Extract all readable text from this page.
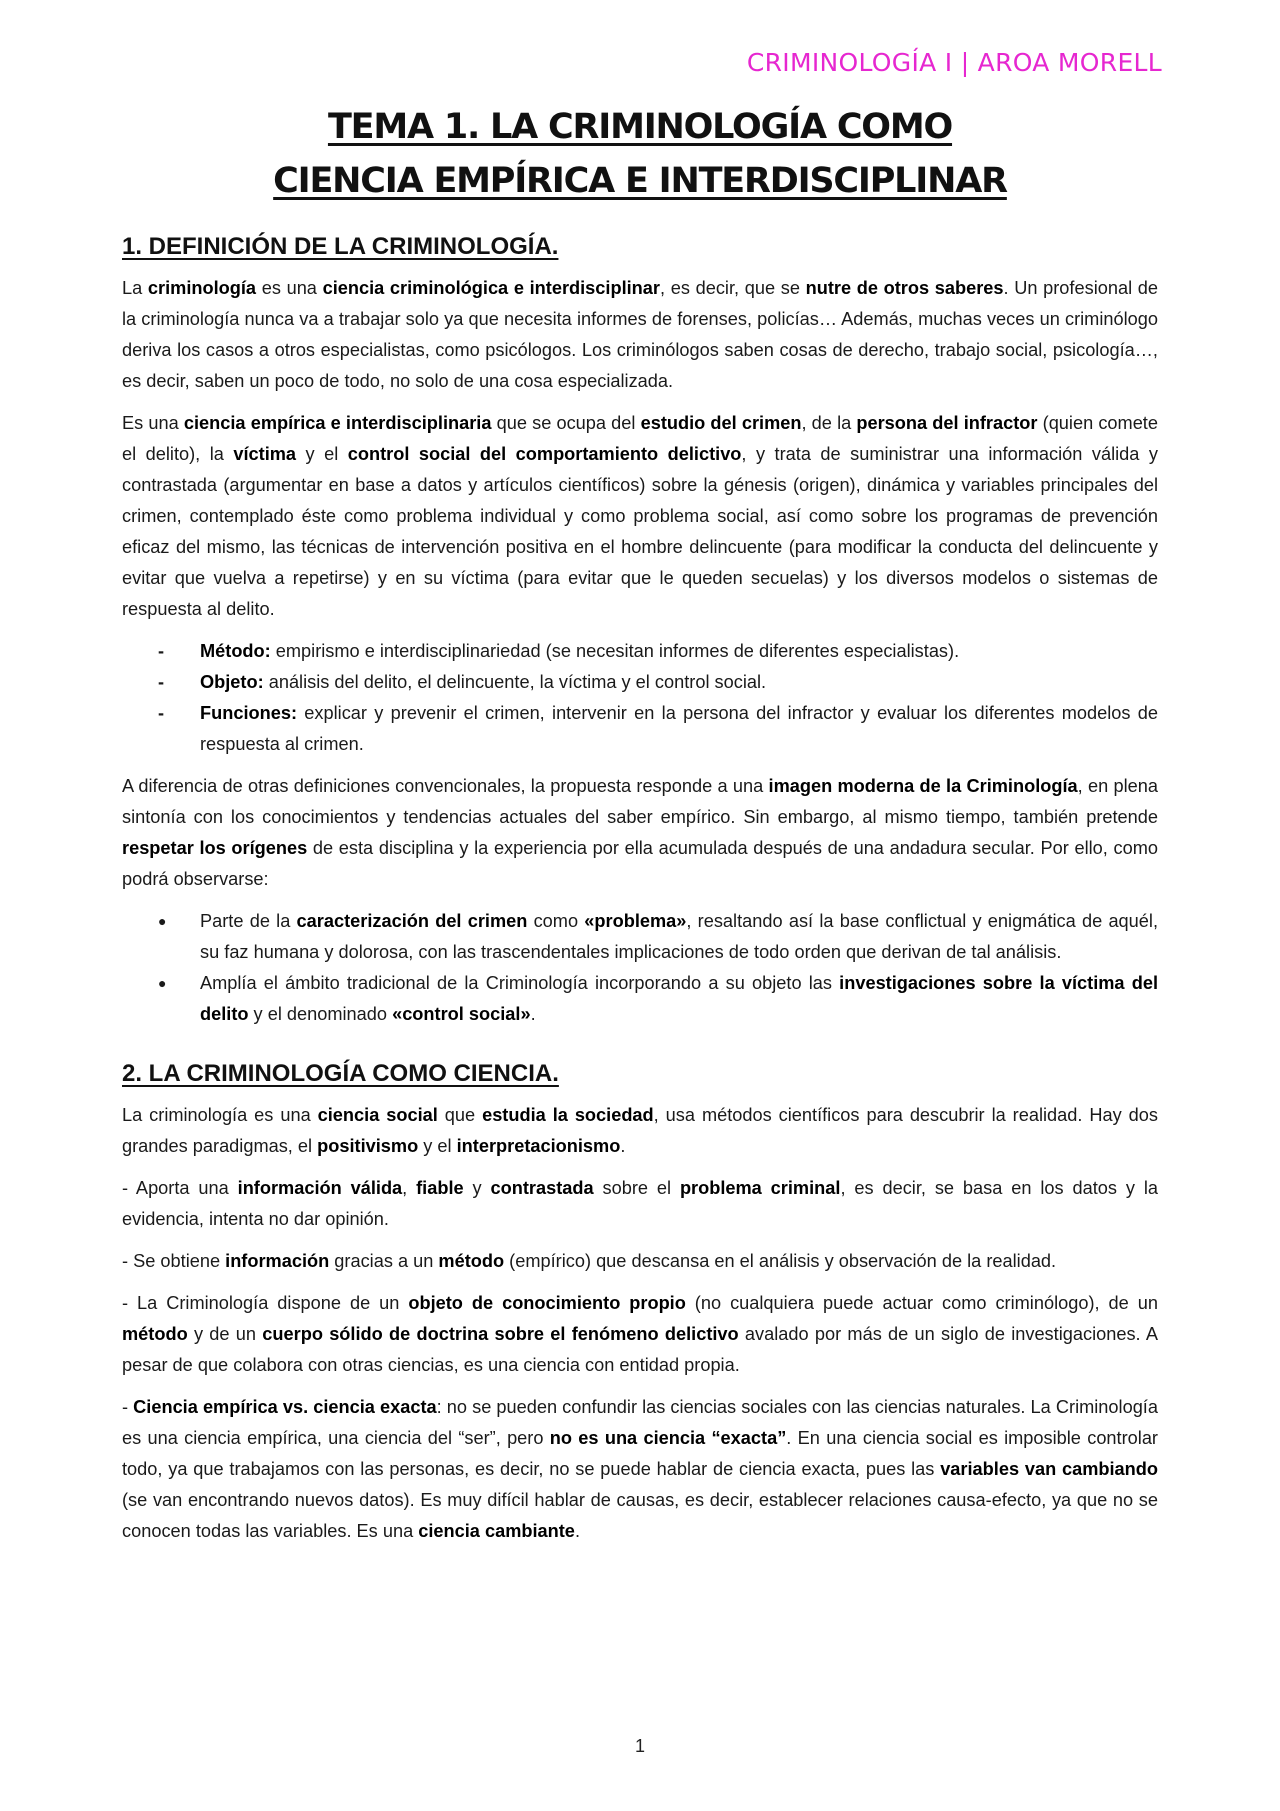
CRIMINOLOGÍA I | AROA MORELL
TEMA 1. LA CRIMINOLOGÍA COMO
CIENCIA EMPÍRICA E INTERDISCIPLINAR
1. DEFINICIÓN DE LA CRIMINOLOGÍA.

La criminología es una ciencia criminológica e interdisciplinar, es decir, que se nutre de otros saberes. Un profesional de la criminología nunca va a trabajar solo ya que necesita informes de forenses, policías… Además, muchas veces un criminólogo deriva los casos a otros especialistas, como psicólogos. Los criminólogos saben cosas de derecho, trabajo social, psicología…, es decir, saben un poco de todo, no solo de una cosa especializada.

Es una ciencia empírica e interdisciplinaria que se ocupa del estudio del crimen, de la persona del infractor (quien comete el delito), la víctima y el control social del comportamiento delictivo, y trata de suministrar una información válida y contrastada (argumentar en base a datos y artículos científicos) sobre la génesis (origen), dinámica y variables principales del crimen, contemplado éste como problema individual y como problema social, así como sobre los programas de prevención eficaz del mismo, las técnicas de intervención positiva en el hombre delincuente (para modificar la conducta del delincuente y evitar que vuelva a repetirse) y en su víctima (para evitar que le queden secuelas) y los diversos modelos o sistemas de respuesta al delito.

- Método: empirismo e interdisciplinariedad (se necesitan informes de diferentes especialistas).
- Objeto: análisis del delito, el delincuente, la víctima y el control social.
- Funciones: explicar y prevenir el crimen, intervenir en la persona del infractor y evaluar los diferentes modelos de respuesta al crimen.

A diferencia de otras definiciones convencionales, la propuesta responde a una imagen moderna de la Criminología, en plena sintonía con los conocimientos y tendencias actuales del saber empírico. Sin embargo, al mismo tiempo, también pretende respetar los orígenes de esta disciplina y la experiencia por ella acumulada después de una andadura secular. Por ello, como podrá observarse:

● Parte de la caracterización del crimen como «problema», resaltando así la base conflictual y enigmática de aquél, su faz humana y dolorosa, con las trascendentales implicaciones de todo orden que derivan de tal análisis.
● Amplía el ámbito tradicional de la Criminología incorporando a su objeto las investigaciones sobre la víctima del delito y el denominado «control social».
2. LA CRIMINOLOGÍA COMO CIENCIA.

La criminología es una ciencia social que estudia la sociedad, usa métodos científicos para descubrir la realidad. Hay dos grandes paradigmas, el positivismo y el interpretacionismo.

- Aporta una información válida, fiable y contrastada sobre el problema criminal, es decir, se basa en los datos y la evidencia, intenta no dar opinión.

- Se obtiene información gracias a un método (empírico) que descansa en el análisis y observación de la realidad.

- La Criminología dispone de un objeto de conocimiento propio (no cualquiera puede actuar como criminólogo), de un método y de un cuerpo sólido de doctrina sobre el fenómeno delictivo avalado por más de un siglo de investigaciones. A pesar de que colabora con otras ciencias, es una ciencia con entidad propia.

- Ciencia empírica vs. ciencia exacta: no se pueden confundir las ciencias sociales con las ciencias naturales. La Criminología es una ciencia empírica, una ciencia del “ser”, pero no es una ciencia “exacta”. En una ciencia social es imposible controlar todo, ya que trabajamos con las personas, es decir, no se puede hablar de ciencia exacta, pues las variables van cambiando (se van encontrando nuevos datos). Es muy difícil hablar de causas, es decir, establecer relaciones causa-efecto, ya que no se conocen todas las variables. Es una ciencia cambiante.

1
